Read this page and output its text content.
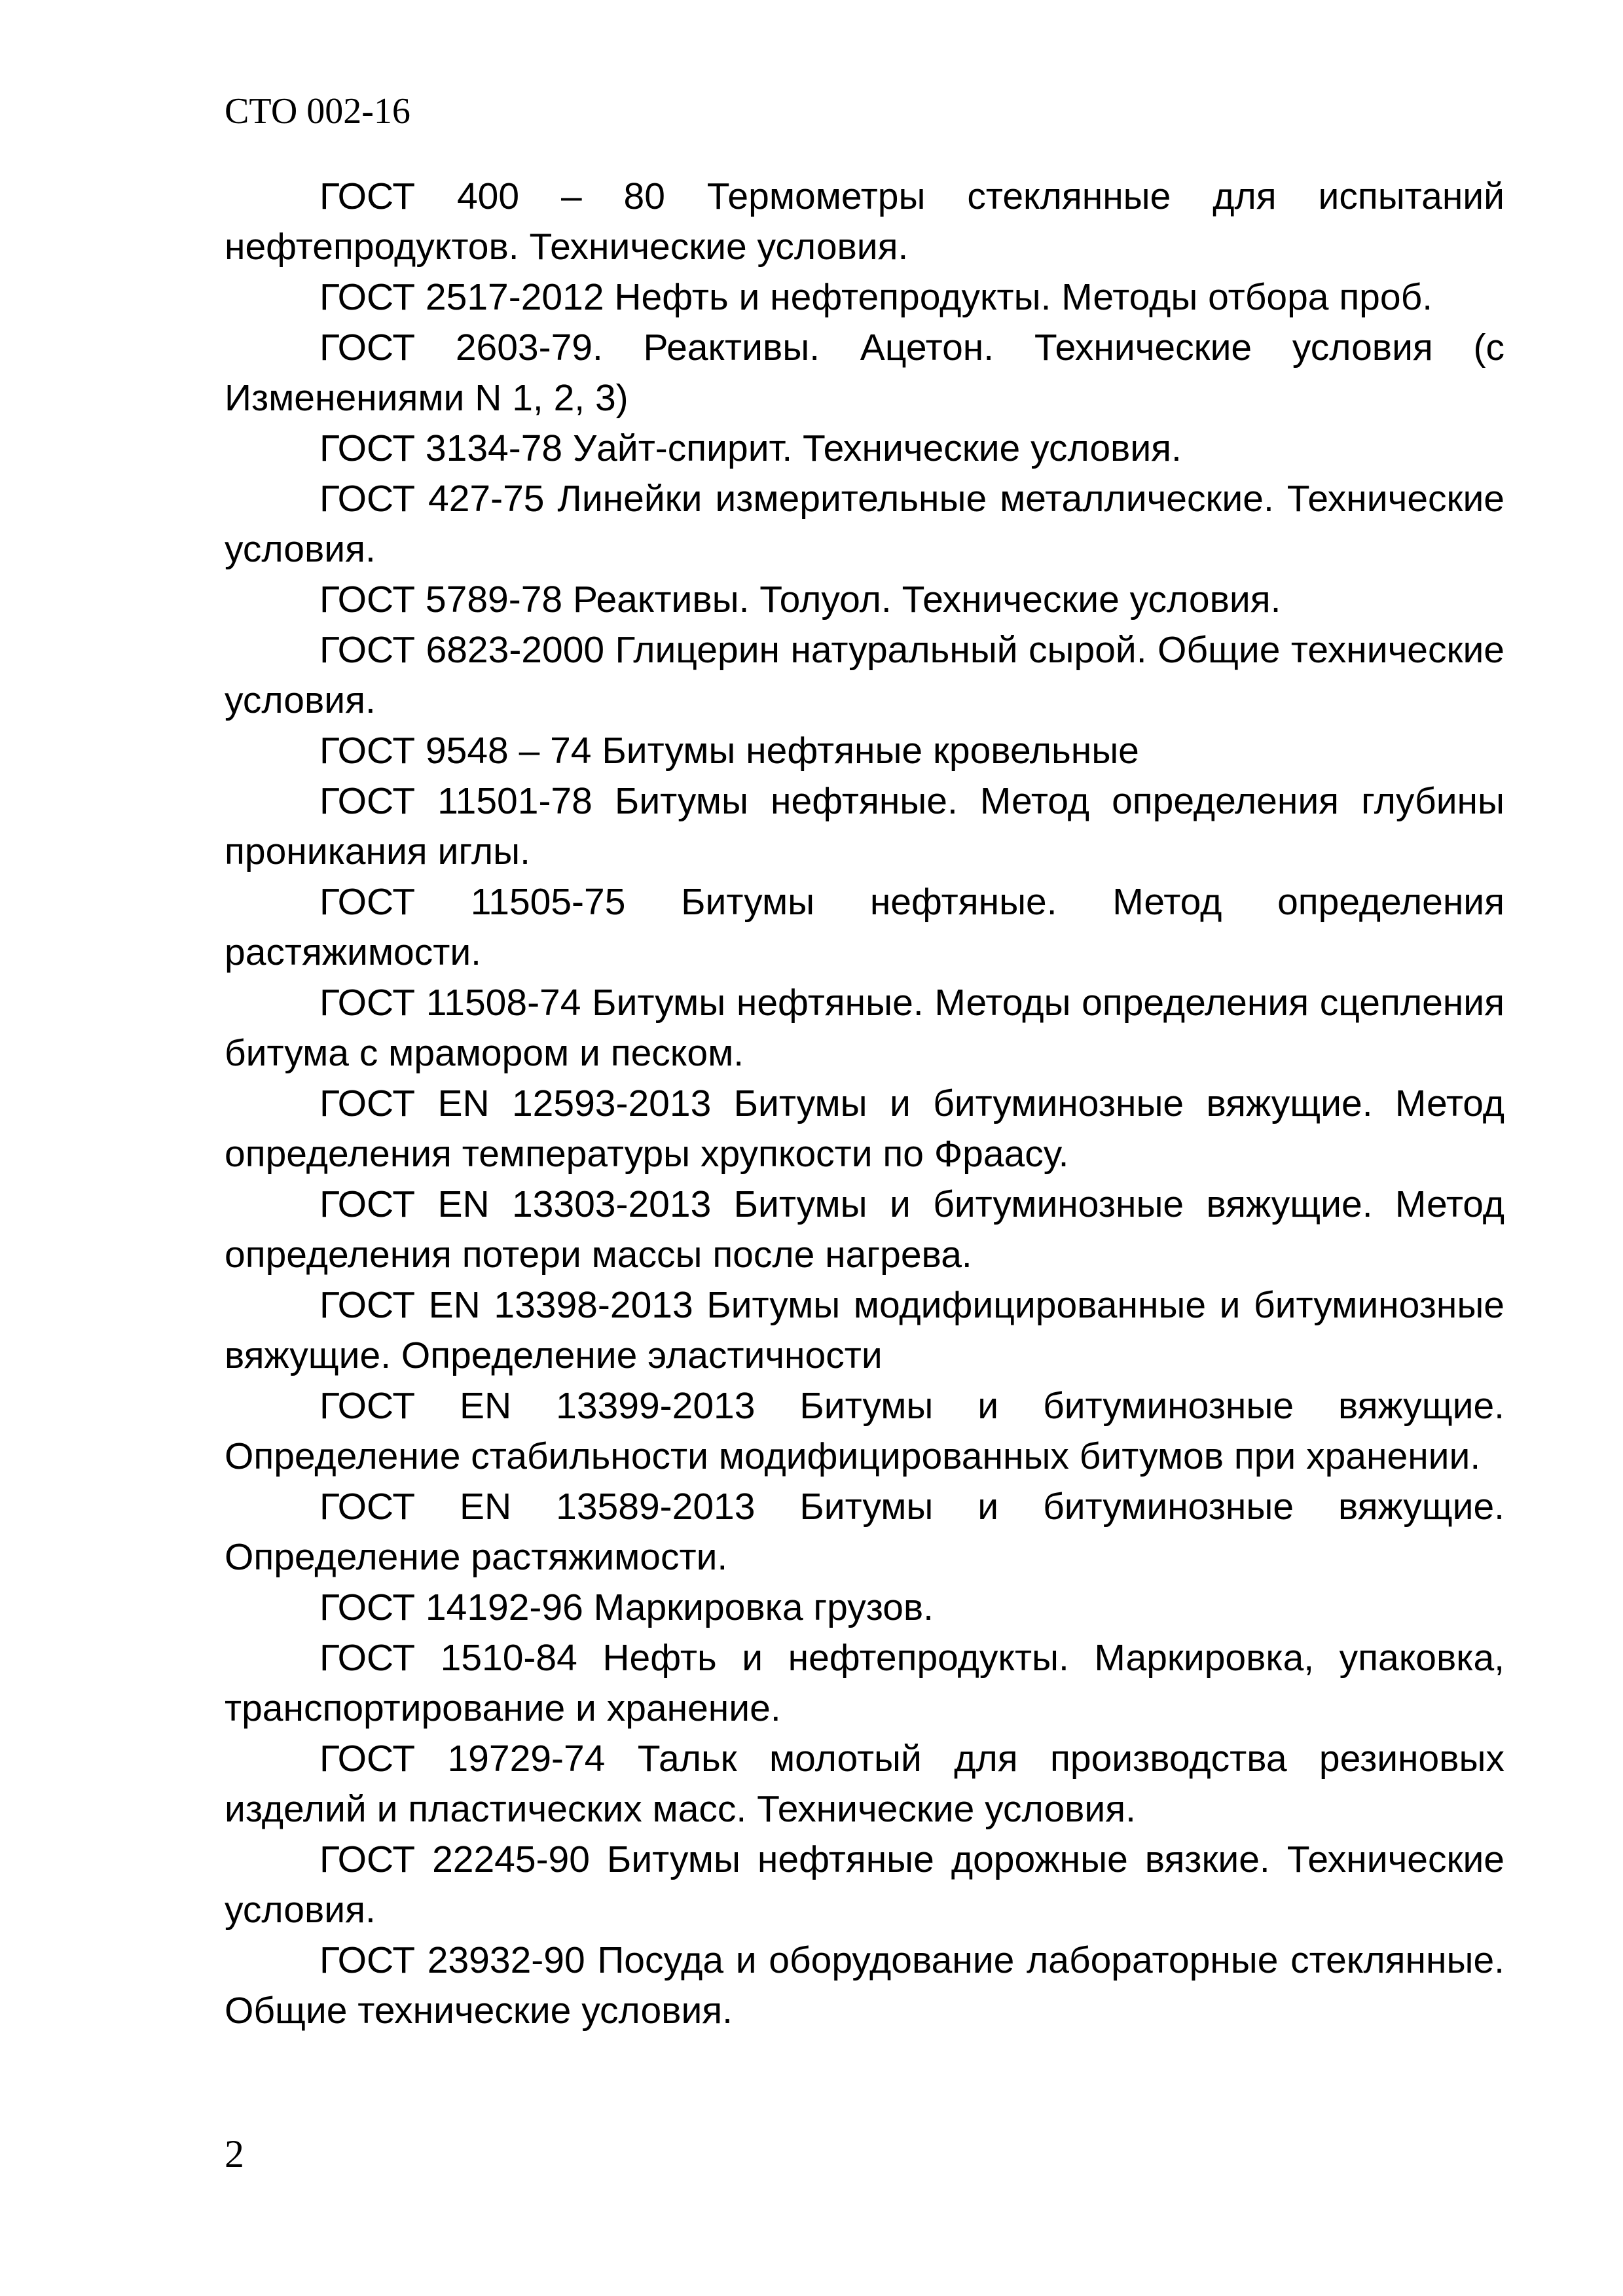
СТО 002-16
ГОСТ 400 – 80 Термометры стеклянные для испытаний нефтепродуктов. Технические условия.
ГОСТ 2517-2012 Нефть и нефтепродукты. Методы отбора проб.
ГОСТ 2603-79. Реактивы. Ацетон. Технические условия (с Изменениями N 1, 2, 3)
ГОСТ 3134-78 Уайт-спирит. Технические условия.
ГОСТ 427-75 Линейки измерительные металлические. Технические условия.
ГОСТ 5789-78 Реактивы. Толуол. Технические условия.
ГОСТ 6823-2000 Глицерин натуральный сырой. Общие технические условия.
ГОСТ 9548 – 74 Битумы нефтяные кровельные
ГОСТ 11501-78 Битумы нефтяные. Метод определения глубины проникания иглы.
ГОСТ 11505-75 Битумы нефтяные. Метод определения растяжимости.
ГОСТ 11508-74 Битумы нефтяные. Методы определения сцепления битума с мрамором и песком.
ГОСТ EN 12593-2013 Битумы и битуминозные вяжущие. Метод определения температуры хрупкости по Фраасу.
ГОСТ EN 13303-2013 Битумы и битуминозные вяжущие. Метод определения потери массы после нагрева.
ГОСТ EN 13398-2013 Битумы модифицированные и битуминозные вяжущие. Определение эластичности
ГОСТ EN 13399-2013 Битумы и битуминозные вяжущие. Определение стабильности модифицированных битумов при хранении.
ГОСТ EN 13589-2013 Битумы и битуминозные вяжущие. Определение растяжимости.
ГОСТ 14192-96 Маркировка грузов.
ГОСТ 1510-84 Нефть и нефтепродукты. Маркировка, упаковка, транспортирование и хранение.
ГОСТ 19729-74 Тальк молотый для производства резиновых изделий и пластических масс. Технические условия.
ГОСТ 22245-90 Битумы нефтяные дорожные вязкие. Технические условия.
ГОСТ 23932-90 Посуда и оборудование лабораторные стеклянные. Общие технические условия.
2
